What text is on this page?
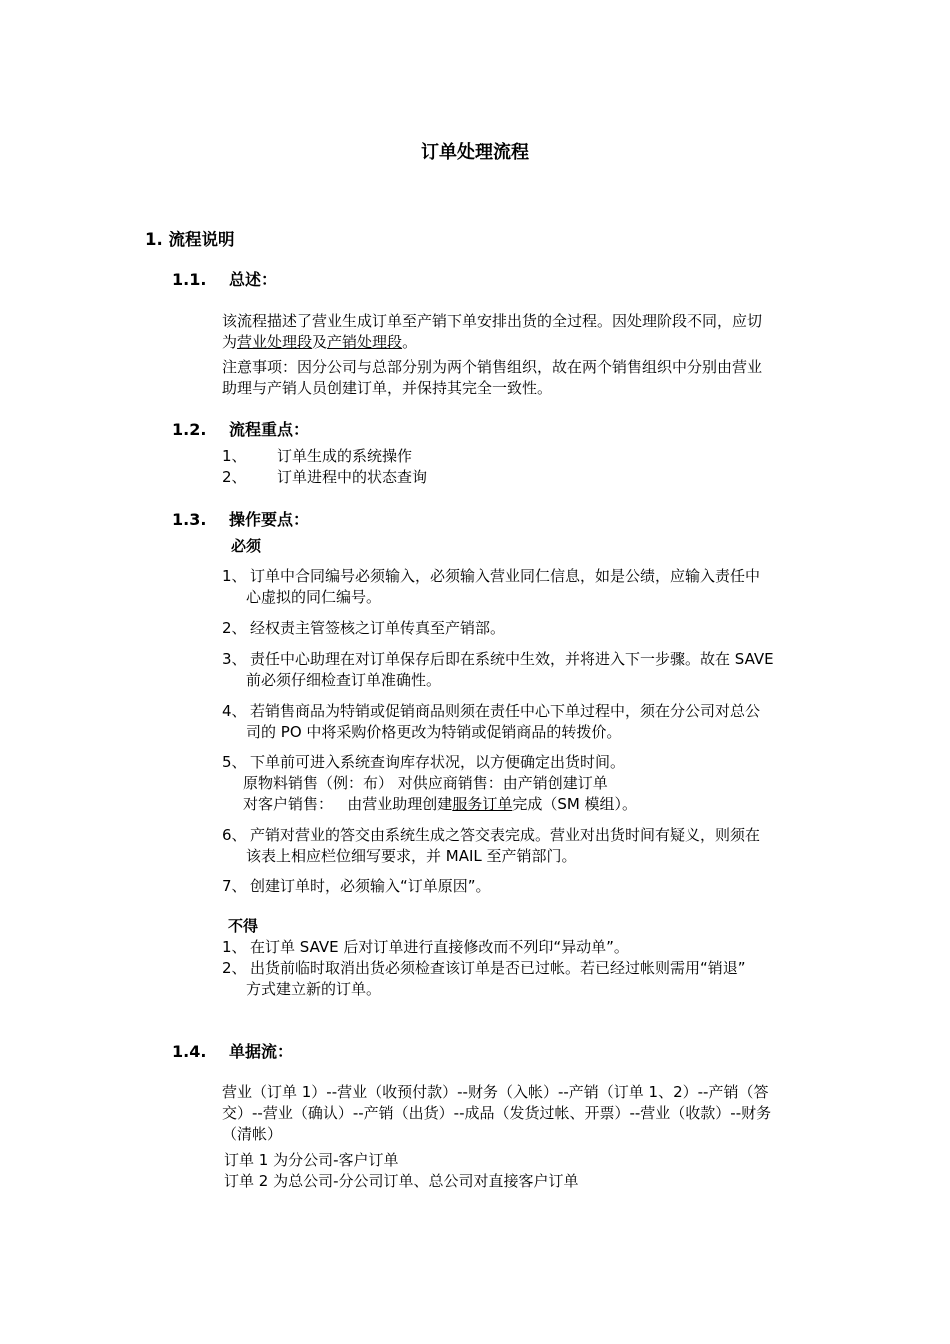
订单处理流程
1. 流程说明
1.1. 总述：
该流程描述了营业生成订单至产销下单安排出货的全过程。因处理阶段不同，应切
为营业处理段及产销处理段。
注意事项：因分公司与总部分别为两个销售组织，故在两个销售组织中分别由营业
助理与产销人员创建订单，并保持其完全一致性。
1.2. 流程重点：
1、 订单生成的系统操作
2、 订单进程中的状态查询
1.3. 操作要点：
必须
1、 订单中合同编号必须输入，必须输入营业同仁信息，如是公绩，应输入责任中
心虚拟的同仁编号。
2、 经权责主管签核之订单传真至产销部。
3、 责任中心助理在对订单保存后即在系统中生效，并将进入下一步骤。故在 SAVE
前必须仔细检查订单准确性。
4、 若销售商品为特销或促销商品则须在责任中心下单过程中，须在分公司对总公
司的 PO 中将采购价格更改为特销或促销商品的转拨价。
5、 下单前可进入系统查询库存状况，以方便确定出货时间。
原物料销售（例：布） 对供应商销售：由产销创建订单
对客户销售：   由营业助理创建服务订单完成（SM 模组）。
6、 产销对营业的答交由系统生成之答交表完成。营业对出货时间有疑义，则须在
该表上相应栏位细写要求，并 MAIL 至产销部门。
7、 创建订单时，必须输入“订单原因”。
不得
1、 在订单 SAVE 后对订单进行直接修改而不列印“异动单”。
2、 出货前临时取消出货必须检查该订单是否已过帐。若已经过帐则需用“销退”
方式建立新的订单。
1.4. 单据流：
营业（订单 1）--营业（收预付款）--财务（入帐）--产销（订单 1、2）--产销（答
交）--营业（确认）--产销（出货）--成品（发货过帐、开票）--营业（收款）--财务
（清帐）
订单 1 为分公司-客户订单
订单 2 为总公司-分公司订单、总公司对直接客户订单
